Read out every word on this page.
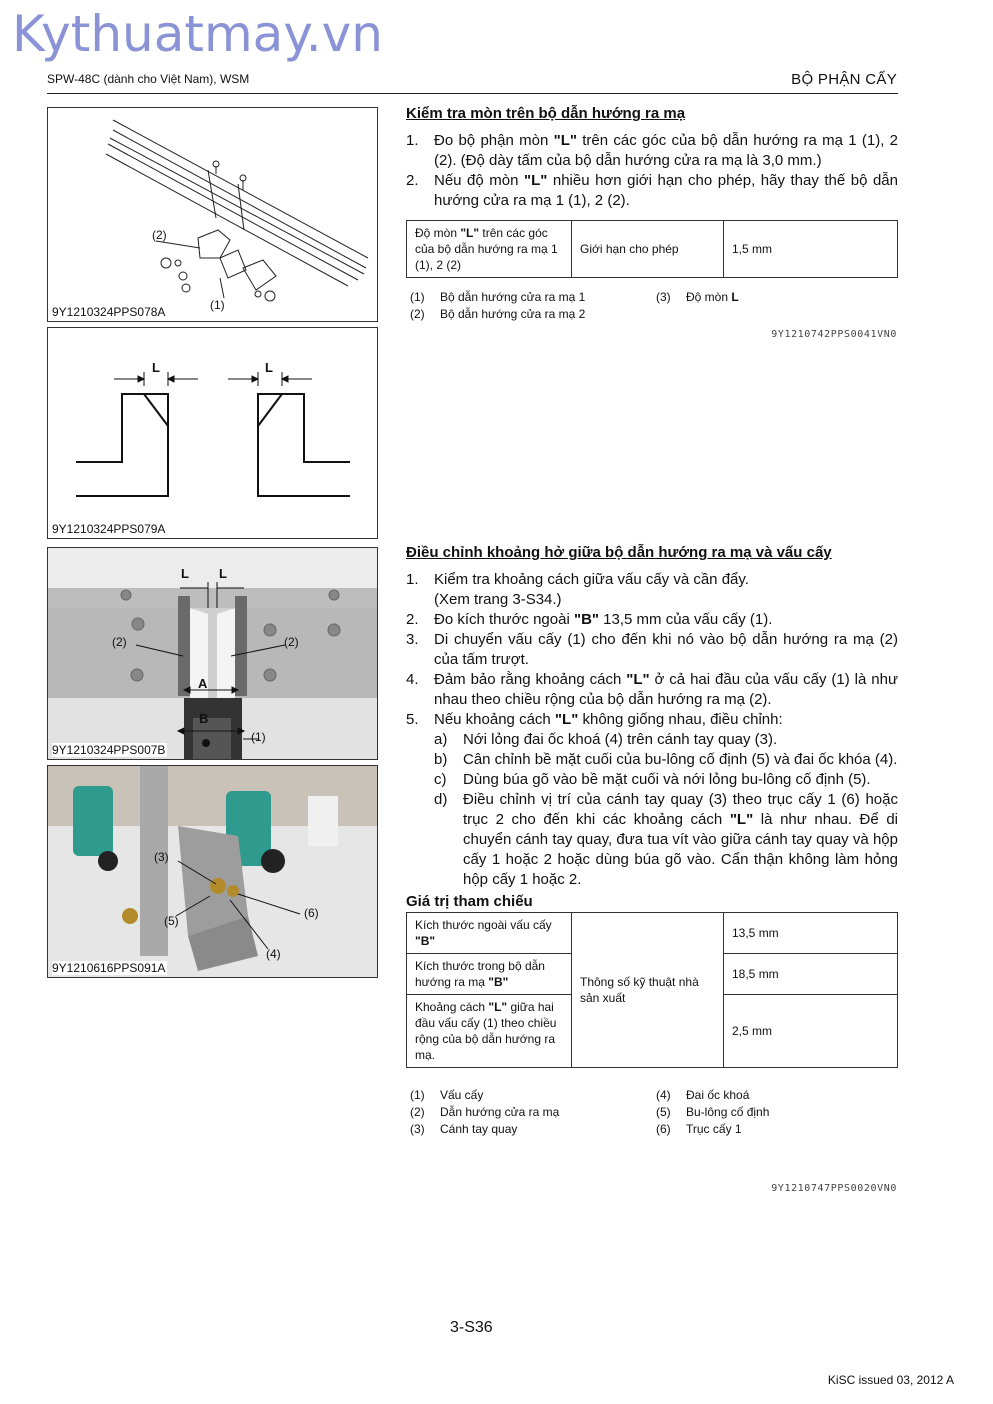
Kythuatmay.vn
SPW-48C (dành cho Việt Nam), WSM	BỘ PHẬN CẤY
(2)
(1)
9Y1210324PPS078A
L	L
9Y1210324PPS079A
L L
A
B
(2)	(2)
(1)
9Y1210324PPS007B
(3)
(5)
(6)
(4)
9Y1210616PPS091A
Kiểm tra mòn trên bộ dẫn hướng ra mạ
1. Đo bộ phận mòn "L" trên các góc của bộ dẫn hướng ra mạ 1 (1), 2 (2). (Độ dày tấm của bộ dẫn hướng cửa ra mạ là 3,0 mm.)
2. Nếu độ mòn "L" nhiều hơn giới hạn cho phép, hãy thay thế bộ dẫn hướng cửa ra mạ 1 (1), 2 (2).
Độ mòn "L" trên các góc của bộ dẫn hướng ra mạ 1 (1), 2 (2)	Giới hạn cho phép	1,5 mm
(1)	Bộ dẫn hướng cửa ra mạ 1	(3)	Độ mòn L
(2)	Bộ dẫn hướng cửa ra mạ 2
9Y1210742PPS0041VN0
Điều chỉnh khoảng hở giữa bộ dẫn hướng ra mạ và vấu cấy
1. Kiểm tra khoảng cách giữa vấu cấy và cần đẩy.
(Xem trang 3-S34.)
2. Đo kích thước ngoài "B" 13,5 mm của vấu cấy (1).
3. Di chuyển vấu cấy (1) cho đến khi nó vào bộ dẫn hướng ra mạ (2) của tấm trượt.
4. Đảm bảo rằng khoảng cách "L" ở cả hai đầu của vấu cấy (1) là như nhau theo chiều rộng của bộ dẫn hướng ra mạ (2).
5. Nếu khoảng cách "L" không giống nhau, điều chỉnh:
a) Nới lỏng đai ốc khoá (4) trên cánh tay quay (3).
b) Cân chỉnh bề mặt cuối của bu-lông cố định (5) và đai ốc khóa (4).
c) Dùng búa gõ vào bề mặt cuối và nới lỏng bu-lông cố định (5).
d) Điều chỉnh vị trí của cánh tay quay (3) theo trục cấy 1 (6) hoặc trục 2 cho đến khi các khoảng cách "L" là như nhau. Để di chuyển cánh tay quay, đưa tua vít vào giữa cánh tay quay và hộp cấy 1 hoặc 2 hoặc dùng búa gõ vào. Cẩn thận không làm hỏng hộp cấy 1 hoặc 2.
Giá trị tham chiếu
Kích thước ngoài vấu cấy "B"	Thông số kỹ thuật nhà sản xuất	13,5 mm
Kích thước trong bộ dẫn hướng ra mạ "B"		18,5 mm
Khoảng cách "L" giữa hai đầu vấu cấy (1) theo chiều rộng của bộ dẫn hướng ra mạ.		2,5 mm
(1)	Vấu cấy	(4)	Đai ốc khoá
(2)	Dẫn hướng cửa ra mạ	(5)	Bu-lông cố định
(3)	Cánh tay quay	(6)	Trục cấy 1
9Y1210747PPS0020VN0
3-S36
KiSC issued 03, 2012 A
